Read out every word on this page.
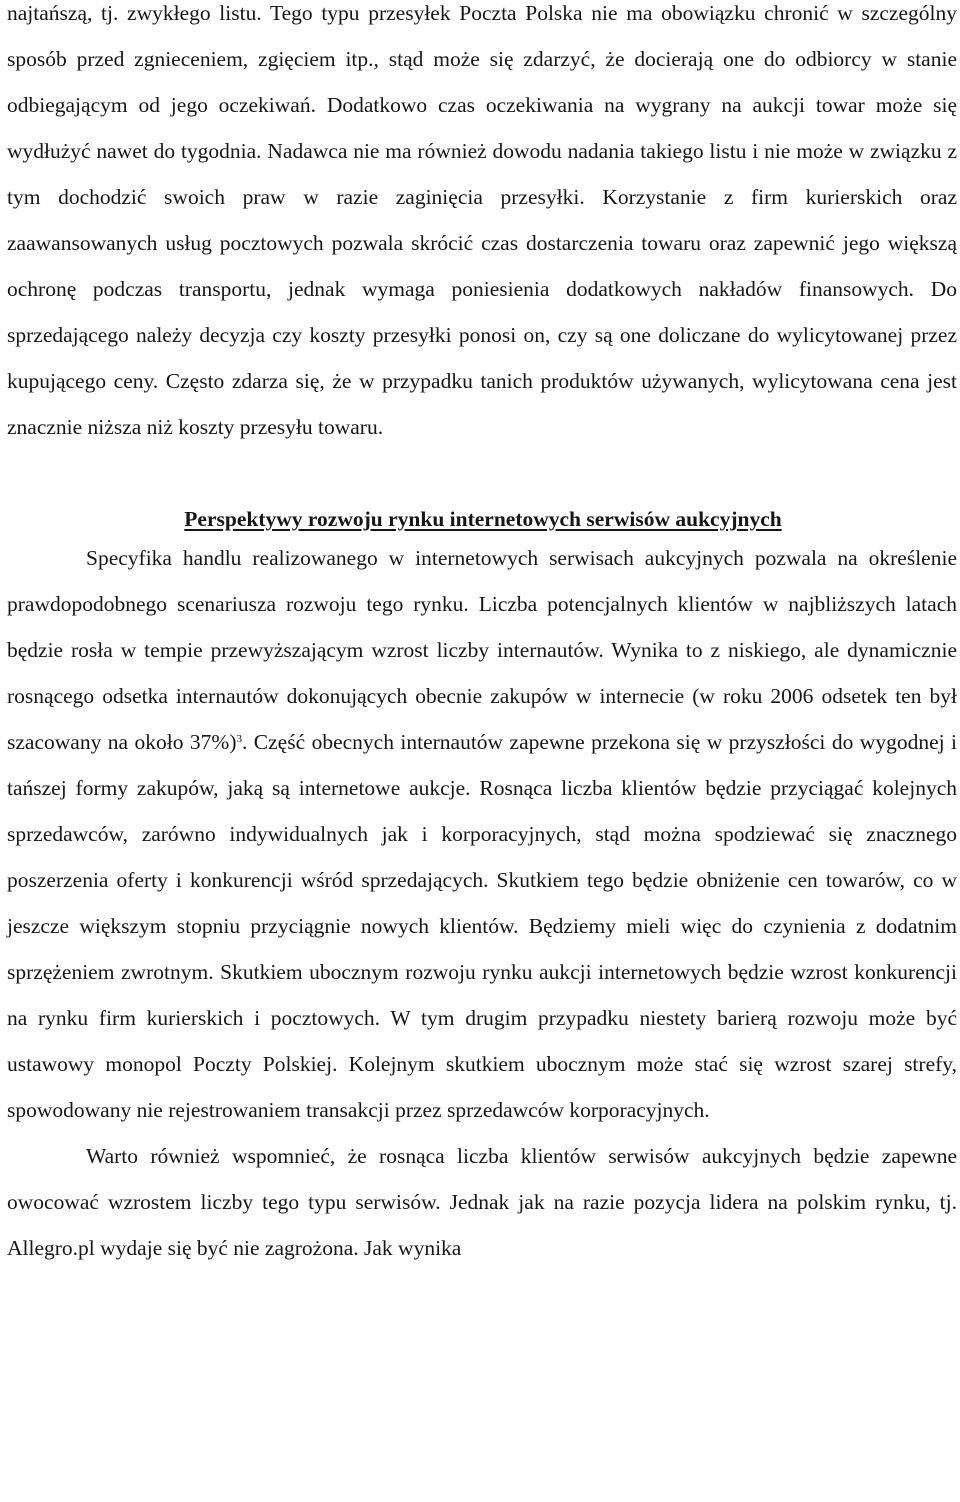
najtańszą, tj. zwykłego listu. Tego typu przesyłek Poczta Polska nie ma obowiązku chronić w szczególny sposób przed zgnieceniem, zgięciem itp., stąd może się zdarzyć, że docierają one do odbiorcy w stanie odbiegającym od jego oczekiwań. Dodatkowo czas oczekiwania na wygrany na aukcji towar może się wydłużyć nawet do tygodnia. Nadawca nie ma również dowodu nadania takiego listu i nie może w związku z tym dochodzić swoich praw w razie zaginięcia przesyłki. Korzystanie z firm kurierskich oraz zaawansowanych usług pocztowych pozwala skrócić czas dostarczenia towaru oraz zapewnić jego większą ochronę podczas transportu, jednak wymaga poniesienia dodatkowych nakładów finansowych. Do sprzedającego należy decyzja czy koszty przesyłki ponosi on, czy są one doliczane do wylicytowanej przez kupującego ceny. Często zdarza się, że w przypadku tanich produktów używanych, wylicytowana cena jest znacznie niższa niż koszty przesyłu towaru.

Perspektywy rozwoju rynku internetowych serwisów aukcyjnych

Specyfika handlu realizowanego w internetowych serwisach aukcyjnych pozwala na określenie prawdopodobnego scenariusza rozwoju tego rynku. Liczba potencjalnych klientów w najbliższych latach będzie rosła w tempie przewyższającym wzrost liczby internautów. Wynika to z niskiego, ale dynamicznie rosnącego odsetka internautów dokonujących obecnie zakupów w internecie (w roku 2006 odsetek ten był szacowany na około 37%)$^3$. Część obecnych internautów zapewne przekona się w przyszłości do wygodnej i tańszej formy zakupów, jaką są internetowe aukcje. Rosnąca liczba klientów będzie przyciągać kolejnych sprzedawców, zarówno indywidualnych jak i korporacyjnych, stąd można spodziewać się znacznego poszerzenia oferty i konkurencji wśród sprzedających. Skutkiem tego będzie obniżenie cen towarów, co w jeszcze większym stopniu przyciągnie nowych klientów. Będziemy mieli więc do czynienia z dodatnim sprzężeniem zwrotnym. Skutkiem ubocznym rozwoju rynku aukcji internetowych będzie wzrost konkurencji na rynku firm kurierskich i pocztowych. W tym drugim przypadku niestety barierą rozwoju może być ustawowy monopol Poczty Polskiej. Kolejnym skutkiem ubocznym może stać się wzrost szarej strefy, spowodowany nie rejestrowaniem transakcji przez sprzedawców korporacyjnych.

Warto również wspomnieć, że rosnąca liczba klientów serwisów aukcyjnych będzie zapewne owocować wzrostem liczby tego typu serwisów. Jednak jak na razie pozycja lidera na polskim rynku, tj. Allegro.pl wydaje się być nie zagrożona. Jak wynika
